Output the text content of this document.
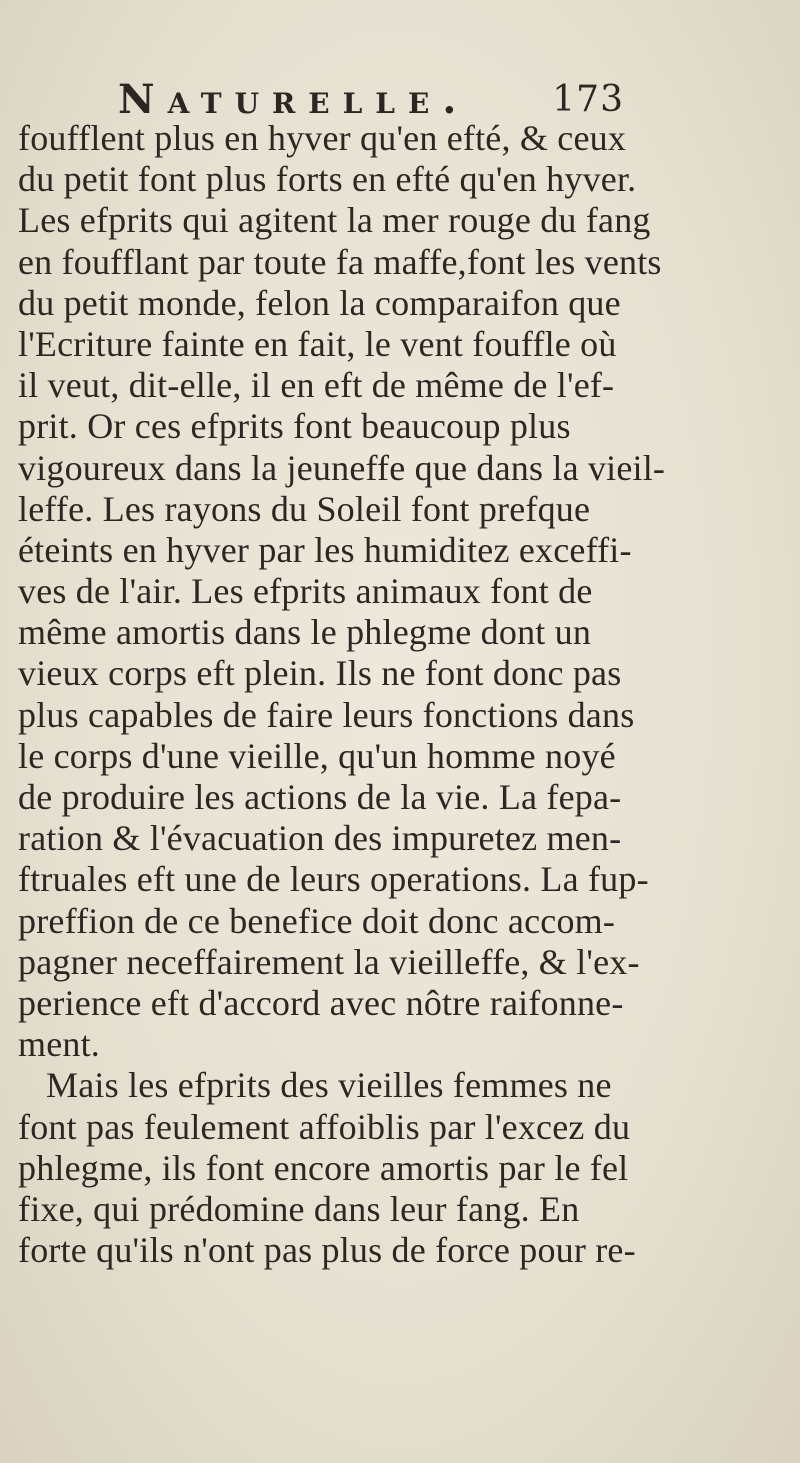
Naturelle. 173
foufflent plus en hyver qu'en efté, & ceux
du petit font plus forts en efté qu'en hyver.
Les efprits qui agitent la mer rouge du fang
en foufflant par toute fa maffe,font les vents
du petit monde, felon la comparaifon que
l'Ecriture fainte en fait, le vent fouffle où
il veut, dit-elle, il en eft de même de l'ef-
prit. Or ces efprits font beaucoup plus
vigoureux dans la jeuneffe que dans la vieil-
leffe. Les rayons du Soleil font prefque
éteints en hyver par les humiditez exceffi-
ves de l'air. Les efprits animaux font de
même amortis dans le phlegme dont un
vieux corps eft plein. Ils ne font donc pas
plus capables de faire leurs fonctions dans
le corps d'une vieille, qu'un homme noyé
de produire les actions de la vie. La fepa-
ration & l'évacuation des impuretez men-
ftruales eft une de leurs operations. La fup-
preffion de ce benefice doit donc accom-
pagner neceffairement la vieilleffe, & l'ex-
perience eft d'accord avec nôtre raifonne-
ment.
Mais les efprits des vieilles femmes ne
font pas feulement affoiblis par l'excez du
phlegme, ils font encore amortis par le fel
fixe, qui prédomine dans leur fang. En
forte qu'ils n'ont pas plus de force pour re-
